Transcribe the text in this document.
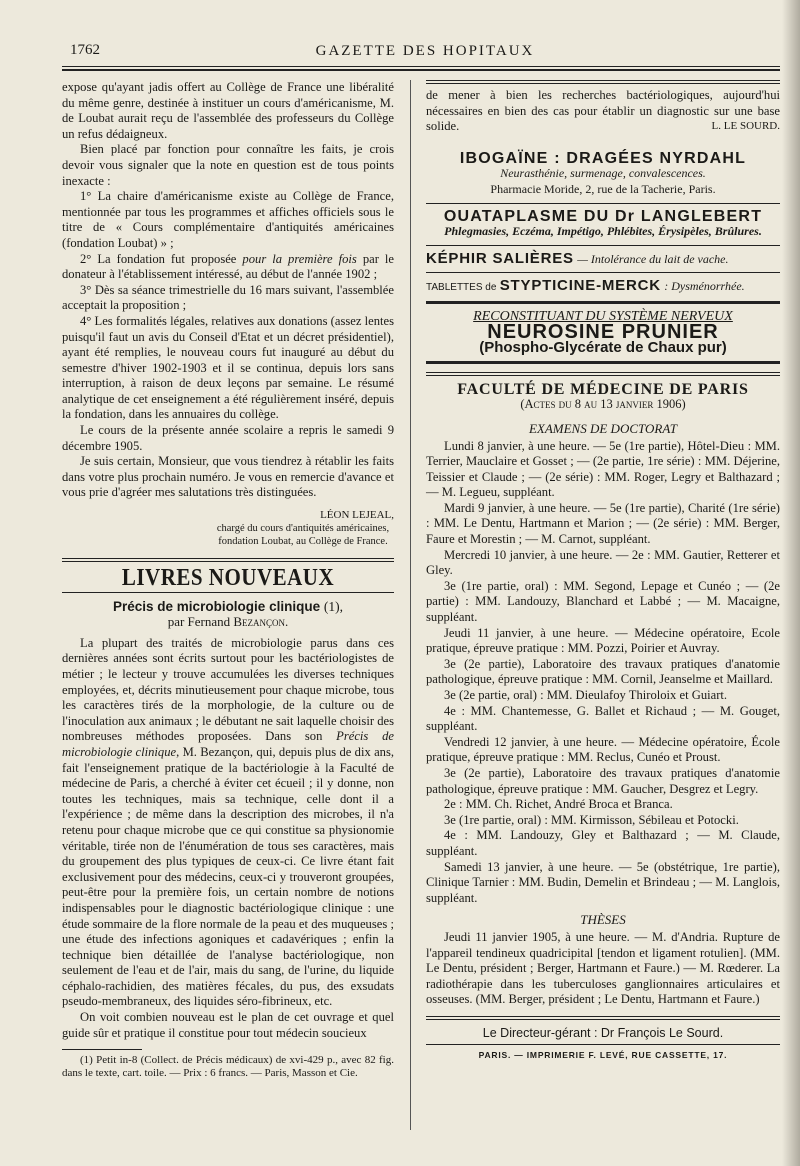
1762	GAZETTE DES HOPITAUX

expose qu'ayant jadis offert au Collège de France une libéralité du même genre, destinée à instituer un cours d'américanisme, M. de Loubat aurait reçu de l'assemblée des professeurs du Collège un refus dédaigneux.

Bien placé par fonction pour connaître les faits, je crois devoir vous signaler que la note en question est de tous points inexacte :

1° La chaire d'américanisme existe au Collège de France, mentionnée par tous les programmes et affiches officiels sous le titre de « Cours complémentaire d'antiquités américaines (fondation Loubat) » ;

2° La fondation fut proposée pour la première fois par le donateur à l'établissement intéressé, au début de l'année 1902 ;

3° Dès sa séance trimestrielle du 16 mars suivant, l'assemblée acceptait la proposition ;

4° Les formalités légales, relatives aux donations (assez lentes puisqu'il faut un avis du Conseil d'Etat et un décret présidentiel), ayant été remplies, le nouveau cours fut inauguré au début du semestre d'hiver 1902-1903 et il se continua, depuis lors sans interruption, à raison de deux leçons par semaine. Le résumé analytique de cet enseignement a été régulièrement inséré, depuis la fondation, dans les annuaires du collège.

Le cours de la présente année scolaire a repris le samedi 9 décembre 1905.

Je suis certain, Monsieur, que vous tiendrez à rétablir les faits dans votre plus prochain numéro. Je vous en remercie d'avance et vous prie d'agréer mes salutations très distinguées.

LÉON LEJEAL,

chargé du cours d'antiquités américaines,

fondation Loubat, au Collège de France.

LIVRES NOUVEAUX
Précis de microbiologie clinique (1),
par Fernand Bezançon.

La plupart des traités de microbiologie parus dans ces dernières années sont écrits surtout pour les bactériologistes de métier ; le lecteur y trouve accumulées les diverses techniques employées, et, décrits minutieusement pour chaque microbe, tous les caractères tirés de la morphologie, de la culture ou de l'inoculation aux animaux ; le débutant ne sait laquelle choisir des nombreuses méthodes proposées. Dans son Précis de microbiologie clinique, M. Bezançon, qui, depuis plus de dix ans, fait l'enseignement pratique de la bactériologie à la Faculté de médecine de Paris, a cherché à éviter cet écueil ; il y donne, non toutes les techniques, mais sa technique, celle dont il a l'expérience ; de même dans la description des microbes, il n'a retenu pour chaque microbe que ce qui constitue sa physionomie véritable, tirée non de l'énumération de tous ses caractères, mais du groupement des plus typiques de ceux-ci. Ce livre étant fait exclusivement pour des médecins, ceux-ci y trouveront groupées, peut-être pour la première fois, un certain nombre de notions indispensables pour le diagnostic bactériologique clinique : une étude sommaire de la flore normale de la peau et des muqueuses ; une étude des infections agoniques et cadavériques ; enfin la technique bien détaillée de l'analyse bactériologique, non seulement de l'eau et de l'air, mais du sang, de l'urine, du liquide céphalo-rachidien, des matières fécales, du pus, des exsudats pseudo-membraneux, des liquides séro-fibrineux, etc.

On voit combien nouveau est le plan de cet ouvrage et quel guide sûr et pratique il constitue pour tout médecin soucieux

(1) Petit in-8 (Collect. de Précis médicaux) de xvi-429 p., avec 82 fig. dans le texte, cart. toile. — Prix : 6 francs. — Paris, Masson et Cie.

de mener à bien les recherches bactériologiques, aujourd'hui nécessaires en bien des cas pour établir un diagnostic sur une base solide.	L. LE SOURD.

IBOGAÏNE : DRAGÉES NYRDAHL
Neurasthénie, surmenage, convalescences.
Pharmacie Moride, 2, rue de la Tacherie, Paris.
OUATAPLASME DU Dr LANGLEBERT
Phlegmasies, Eczéma, Impétigo, Phlébites, Érysipèles, Brûlures.
KÉPHIR SALIÈRES — Intolérance du lait de vache.
TABLETTES de STYPTICINE-MERCK : Dysménorrhée.
RECONSTITUANT DU SYSTÈME NERVEUX
NEUROSINE PRUNIER
(Phospho-Glycérate de Chaux pur)
FACULTÉ DE MÉDECINE DE PARIS
(Actes du 8 au 13 janvier 1906)
EXAMENS DE DOCTORAT

Lundi 8 janvier, à une heure. — 5e (1re partie), Hôtel-Dieu : MM. Terrier, Mauclaire et Gosset ; — (2e partie, 1re série) : MM. Déjerine, Teissier et Claude ; — (2e série) : MM. Roger, Legry et Balthazard ; — M. Legueu, suppléant.

Mardi 9 janvier, à une heure. — 5e (1re partie), Charité (1re série) : MM. Le Dentu, Hartmann et Marion ; — (2e série) : MM. Berger, Faure et Morestin ; — M. Carnot, suppléant.

Mercredi 10 janvier, à une heure. — 2e : MM. Gautier, Retterer et Gley.

3e (1re partie, oral) : MM. Segond, Lepage et Cunéo ; — (2e partie) : MM. Landouzy, Blanchard et Labbé ; — M. Macaigne, suppléant.

Jeudi 11 janvier, à une heure. — Médecine opératoire, Ecole pratique, épreuve pratique : MM. Pozzi, Poirier et Auvray.

3e (2e partie), Laboratoire des travaux pratiques d'anatomie pathologique, épreuve pratique : MM. Cornil, Jeanselme et Maillard.

3e (2e partie, oral) : MM. Dieulafoy Thiroloix et Guiart.

4e : MM. Chantemesse, G. Ballet et Richaud ; — M. Gouget, suppléant.

Vendredi 12 janvier, à une heure. — Médecine opératoire, École pratique, épreuve pratique : MM. Reclus, Cunéo et Proust.

3e (2e partie), Laboratoire des travaux pratiques d'anatomie pathologique, épreuve pratique : MM. Gaucher, Desgrez et Legry.

2e : MM. Ch. Richet, André Broca et Branca.

3e (1re partie, oral) : MM. Kirmisson, Sébileau et Potocki.

4e : MM. Landouzy, Gley et Balthazard ; — M. Claude, suppléant.

Samedi 13 janvier, à une heure. — 5e (obstétrique, 1re partie), Clinique Tarnier : MM. Budin, Demelin et Brindeau ; — M. Langlois, suppléant.

THÈSES

Jeudi 11 janvier 1905, à une heure. — M. d'Andria. Rupture de l'appareil tendineux quadricipital [tendon et ligament rotulien]. (MM. Le Dentu, président ; Berger, Hartmann et Faure.) — M. Rœderer. La radiothérapie dans les tuberculoses ganglionnaires articulaires et osseuses. (MM. Berger, président ; Le Dentu, Hartmann et Faure.)

Le Directeur-gérant : Dr François Le Sourd.
PARIS. — IMPRIMERIE F. LEVÉ, RUE CASSETTE, 17.
